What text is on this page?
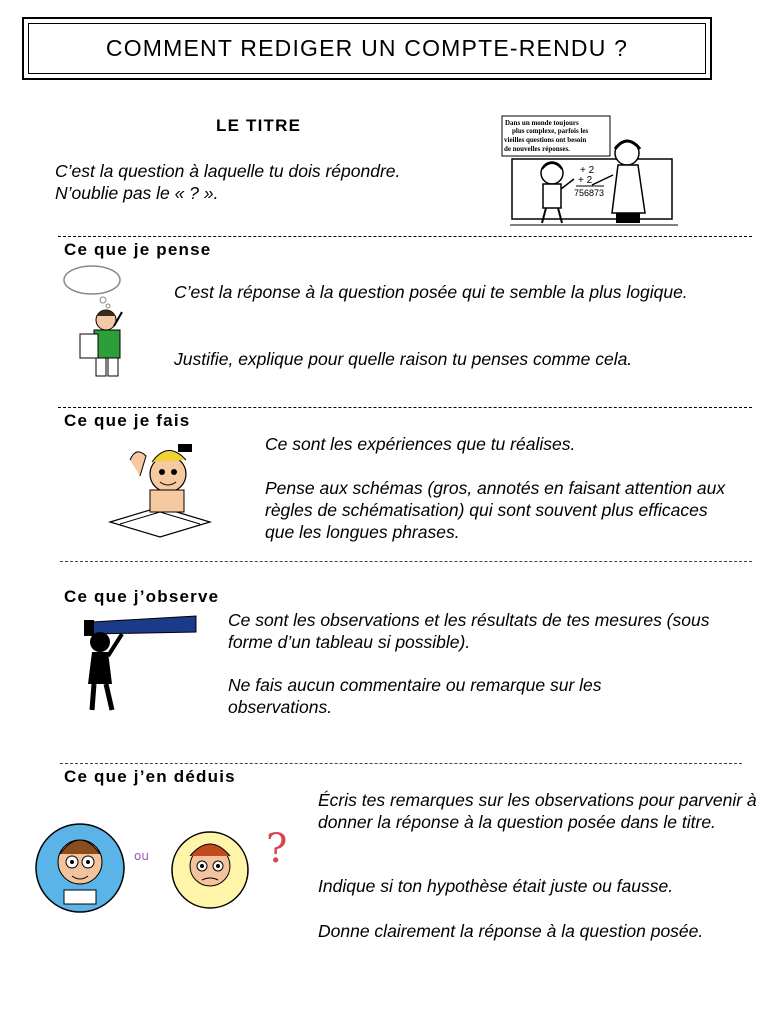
COMMENT REDIGER UN COMPTE-RENDU ?
LE TITRE

C’est la question à laquelle tu dois répondre.

N’oublie pas le « ? ».

Dans un monde toujours
plus complexe, parfois les
vieilles questions ont besoin
de nouvelles réponses.
+ 2
+ 2
756873
Ce que je pense

C’est la réponse à la question posée qui te semble la plus logique.

Justifie, explique pour quelle raison tu penses comme cela.

Ce que je fais

Ce sont les expériences que tu réalises.

Pense aux schémas (gros, annotés en faisant attention aux règles de schématisation) qui sont souvent plus efficaces que les longues phrases.

Ce que j’observe

Ce sont les observations et les résultats de tes mesures (sous forme d’un tableau si possible).

Ne fais aucun commentaire ou remarque sur les observations.

Ce que j’en déduis
ou	?

Écris tes remarques sur les observations pour parvenir à donner la réponse à la question posée dans le titre.

Indique si ton hypothèse était juste ou fausse.

Donne clairement la réponse à la question posée.
